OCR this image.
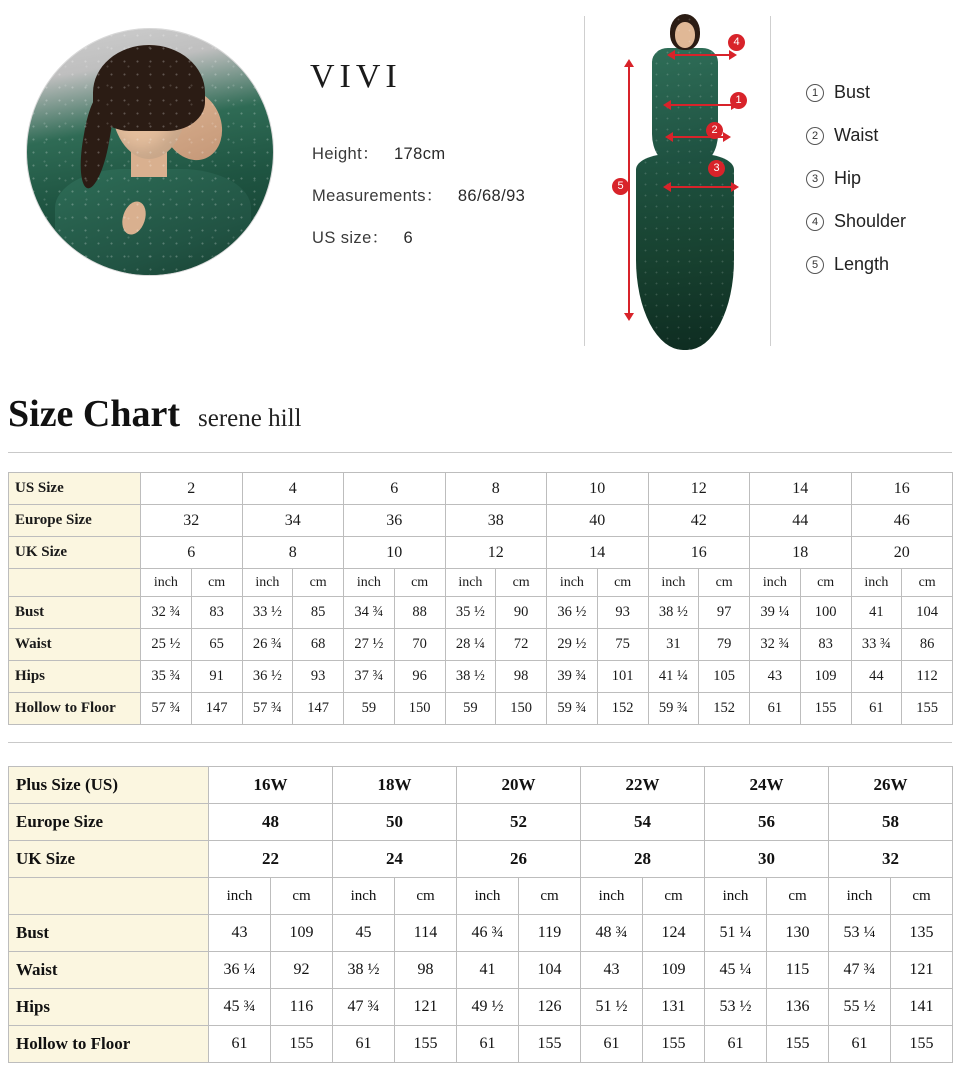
VIVI
Height： 178cm
Measurements： 86/68/93
US size： 6
1
2
3
4
5
1 Bust
2 Waist
3 Hip
4 Shoulder
5 Length
Size Chart serene hill
US Size	2		4		6		8		10		12		14		16	
Europe Size	32		34		36		38		40		42		44		46	
UK Size	6		8		10		12		14		16		18		20	
	inch	cm	inch	cm	inch	cm	inch	cm	inch	cm	inch	cm	inch	cm	inch	cm
Bust	32 ¾	83	33 ½	85	34 ¾	88	35 ½	90	36 ½	93	38 ½	97	39 ¼	100	41	104
Waist	25 ½	65	26 ¾	68	27 ½	70	28 ¼	72	29 ½	75	31	79	32 ¾	83	33 ¾	86
Hips	35 ¾	91	36 ½	93	37 ¾	96	38 ½	98	39 ¾	101	41 ¼	105	43	109	44	112
Hollow to Floor	57 ¾	147	57 ¾	147	59	150	59	150	59 ¾	152	59 ¾	152	61	155	61	155
Plus Size (US)	16W		18W		20W		22W		24W		26W	
Europe Size	48		50		52		54		56		58	
UK Size	22		24		26		28		30		32	
	inch	cm	inch	cm	inch	cm	inch	cm	inch	cm	inch	cm
Bust	43	109	45	114	46 ¾	119	48 ¾	124	51 ¼	130	53 ¼	135
Waist	36 ¼	92	38 ½	98	41	104	43	109	45 ¼	115	47 ¾	121
Hips	45 ¾	116	47 ¾	121	49 ½	126	51 ½	131	53 ½	136	55 ½	141
Hollow to Floor	61	155	61	155	61	155	61	155	61	155	61	155
